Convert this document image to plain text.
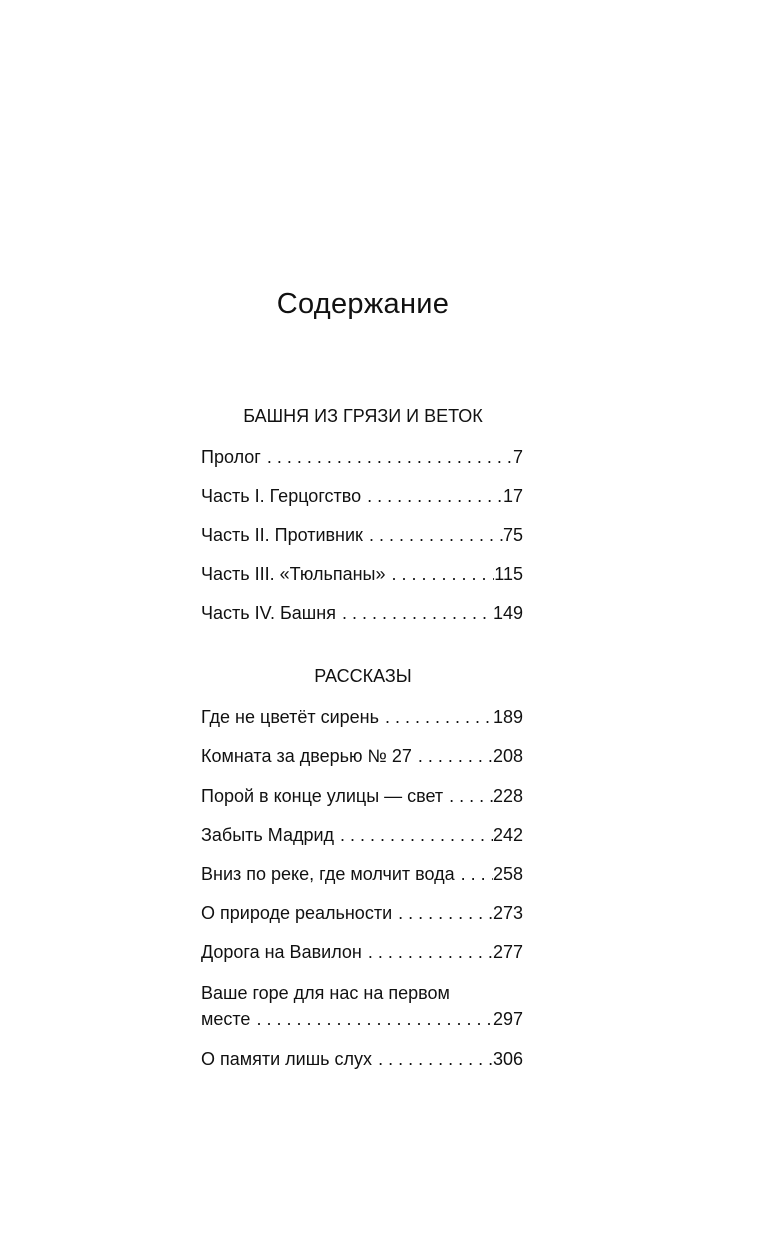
Содержание
БАШНЯ ИЗ ГРЯЗИ И ВЕТОК
Пролог . . .	7
Часть I. Герцогство . . .	17
Часть II. Противник . . .	75
Часть III. «Тюльпаны» . . .	115
Часть IV. Башня . . .	149
РАССКАЗЫ
Где не цветёт сирень . . .	189
Комната за дверью № 27 . . .	208
Порой в конце улицы — свет . . .	228
Забыть Мадрид . . .	242
Вниз по реке, где молчит вода . . . 258
О природе реальности . . .	273
Дорога на Вавилон . . .	277
Ваше горе для нас на первом
месте . . .	297
О памяти лишь слух . . .	306
